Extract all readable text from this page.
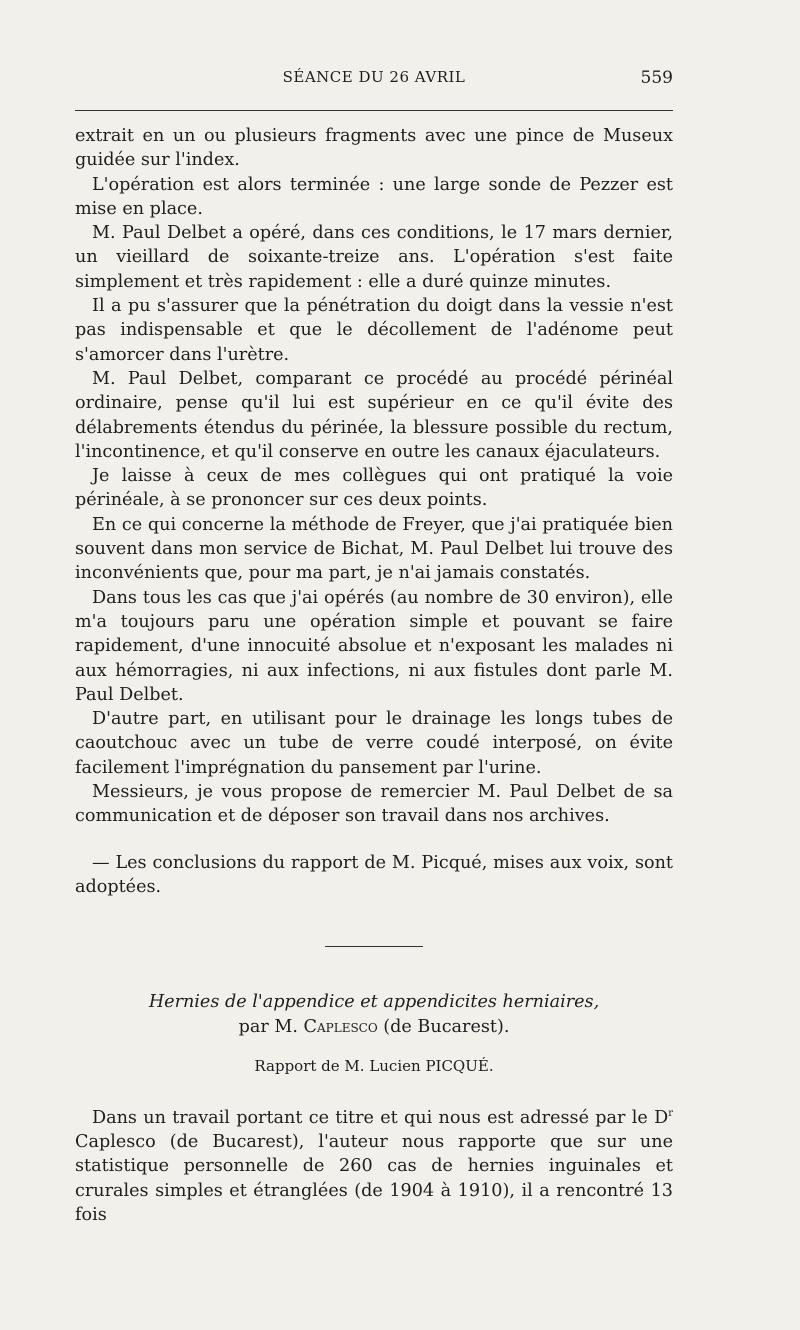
SÉANCE DU 26 AVRIL	559

extrait en un ou plusieurs fragments avec une pince de Museux guidée sur l'index.

L'opération est alors terminée : une large sonde de Pezzer est mise en place.

M. Paul Delbet a opéré, dans ces conditions, le 17 mars dernier, un vieillard de soixante-treize ans. L'opération s'est faite simplement et très rapidement : elle a duré quinze minutes.

Il a pu s'assurer que la pénétration du doigt dans la vessie n'est pas indispensable et que le décollement de l'adénome peut s'amorcer dans l'urètre.

M. Paul Delbet, comparant ce procédé au procédé périnéal ordinaire, pense qu'il lui est supérieur en ce qu'il évite des délabrements étendus du périnée, la blessure possible du rectum, l'incontinence, et qu'il conserve en outre les canaux éjaculateurs.

Je laisse à ceux de mes collègues qui ont pratiqué la voie périnéale, à se prononcer sur ces deux points.

En ce qui concerne la méthode de Freyer, que j'ai pratiquée bien souvent dans mon service de Bichat, M. Paul Delbet lui trouve des inconvénients que, pour ma part, je n'ai jamais constatés.

Dans tous les cas que j'ai opérés (au nombre de 30 environ), elle m'a toujours paru une opération simple et pouvant se faire rapidement, d'une innocuité absolue et n'exposant les malades ni aux hémorragies, ni aux infections, ni aux fistules dont parle M. Paul Delbet.

D'autre part, en utilisant pour le drainage les longs tubes de caoutchouc avec un tube de verre coudé interposé, on évite facilement l'imprégnation du pansement par l'urine.

Messieurs, je vous propose de remercier M. Paul Delbet de sa communication et de déposer son travail dans nos archives.

— Les conclusions du rapport de M. Picqué, mises aux voix, sont adoptées.

Hernies de l'appendice et appendicites herniaires,
par M. Caplesco (de Bucarest).
Rapport de M. Lucien PICQUÉ.

Dans un travail portant ce titre et qui nous est adressé par le $D^r$ Caplesco (de Bucarest), l'auteur nous rapporte que sur une statistique personnelle de 260 cas de hernies inguinales et crurales simples et étranglées (de 1904 à 1910), il a rencontré 13 fois
